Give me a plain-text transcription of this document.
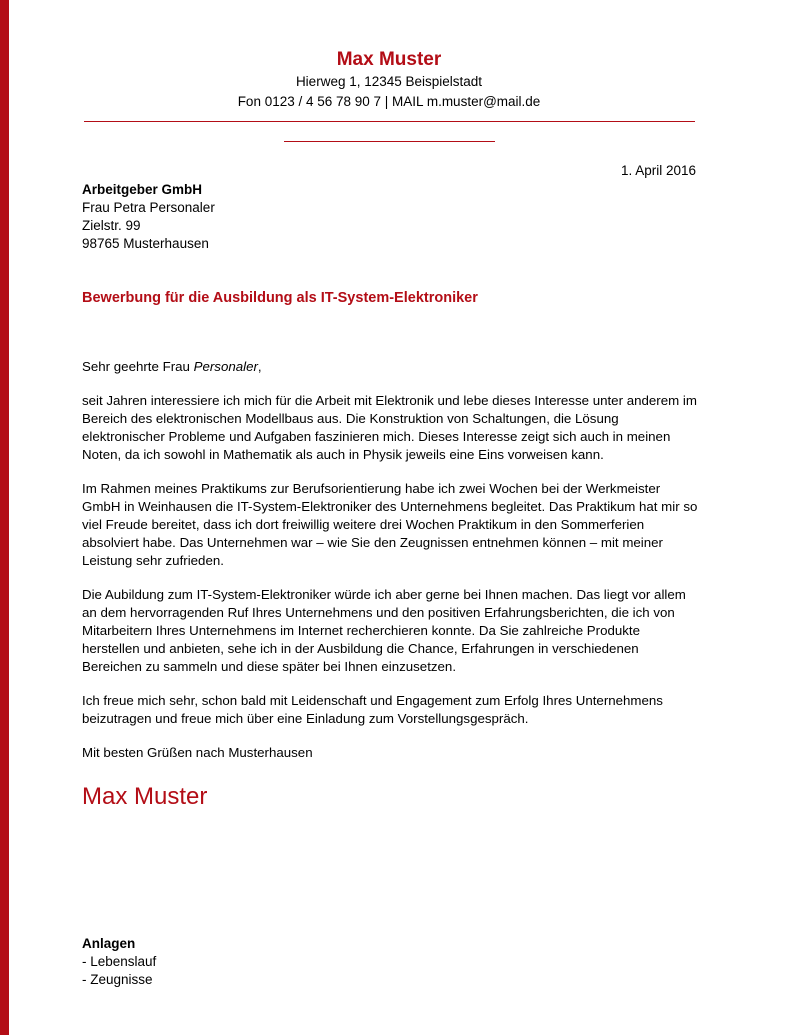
Max Muster
Hierweg 1, 12345 Beispielstadt
Fon 0123 / 4 56 78 90 7 | MAIL m.muster@mail.de
1. April 2016
Arbeitgeber GmbH
Frau Petra Personaler
Zielstr. 99
98765 Musterhausen
Bewerbung für die Ausbildung als IT-System-Elektroniker

Sehr geehrte Frau Personaler,

seit Jahren interessiere ich mich für die Arbeit mit Elektronik und lebe dieses Interesse unter anderem im Bereich des elektronischen Modellbaus aus. Die Konstruktion von Schaltungen, die Lösung elektronischer Probleme und Aufgaben faszinieren mich. Dieses Interesse zeigt sich auch in meinen Noten, da ich sowohl in Mathematik als auch in Physik jeweils eine Eins vorweisen kann.

Im Rahmen meines Praktikums zur Berufsorientierung habe ich zwei Wochen bei der Werkmeister GmbH in Weinhausen die IT-System-Elektroniker des Unternehmens begleitet. Das Praktikum hat mir so viel Freude bereitet, dass ich dort freiwillig weitere drei Wochen Praktikum in den Sommerferien absolviert habe. Das Unternehmen war – wie Sie den Zeugnissen entnehmen können – mit meiner Leistung sehr zufrieden.

Die Aubildung zum IT-System-Elektroniker würde ich aber gerne bei Ihnen machen. Das liegt vor allem an dem hervorragenden Ruf Ihres Unternehmens und den positiven Erfahrungsberichten, die ich von Mitarbeitern Ihres Unternehmens im Internet recherchieren konnte. Da Sie zahlreiche Produkte herstellen und anbieten, sehe ich in der Ausbildung die Chance, Erfahrungen in verschiedenen Bereichen zu sammeln und diese später bei Ihnen einzusetzen.

Ich freue mich sehr, schon bald mit Leidenschaft und Engagement zum Erfolg Ihres Unternehmens beizutragen und freue mich über eine Einladung zum Vorstellungsgespräch.

Mit besten Grüßen nach Musterhausen

Max Muster
Anlagen
- Lebenslauf
- Zeugnisse
